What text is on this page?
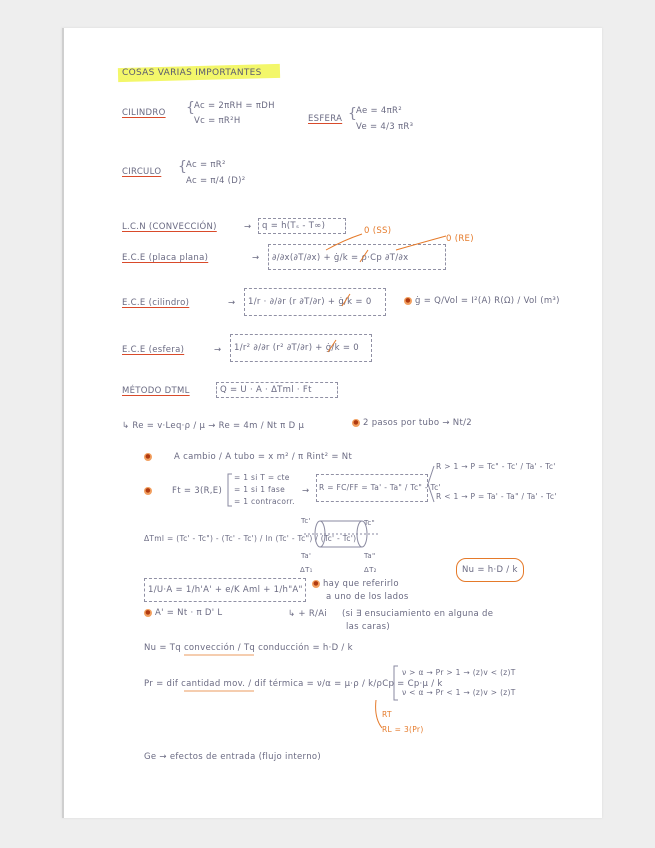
COSAS VARIAS IMPORTANTES
CILINDRO {
Ac = 2πRH = πDH
Vc = πR²H	ESFERA {
Ae = 4πR²
Ve = 4/3 πR³
CIRCULO {
Ac = πR²
Ac = π/4 (D)²
L.C.N (CONVECCIÓN)	→ q = h(Tₛ - T∞)	0 (SS)
0 (RE)
E.C.E (placa plana)	→ ∂/∂x(∂T/∂x) + ġ/k = ρ·Cp ∂T/∂x
E.C.E (cilindro)	→ 1/r · ∂/∂r (r ∂T/∂r) + ġ/k = 0	● ġ = Q/Vol = I²(A) R(Ω) / Vol (m³)
E.C.E (esfera)	→ 1/r² ∂/∂r (r² ∂T/∂r) + ġ/k = 0
MÉTODO DTML	Q = U · A · ΔTml · Ft
↳ Re = v·Leq·ρ / μ → Re = 4m / Nt π D μ	● 2 pasos por tubo → Nt/2
●	A cambio / A tubo = x m² / π Rint² = Nt
●	Ft = 3(R,E)
= 1 si T = cte
= 1 si 1 fase
= 1 contracorr.
→ R = FC/FF = Ta' - Ta" / Tc" - Tc'
R > 1 → P = Tc" - Tc' / Ta' - Tc'
R < 1 → P = Ta' - Ta" / Ta' - Tc'
ΔTml = (Tc' - Tc") - (Tc' - Tc') / ln (Tc' - Tc") / (Tc' - Tc')
Tc'	Tc"
Ta'	Ta"
ΔT₁	ΔT₂	Nu = h·D / k
1/U·A = 1/h'A' + e/K Aml + 1/h"A"
● hay que referirlo
a uno de los lados
● A' = Nt · π D' L	↳ + R/Ai (si ∃ ensuciamiento en alguna de
las caras)
Nu = Tq convección / Tq conducción = h·D / k
Pr = dif cantidad mov. / dif térmica = ν/α = μ·ρ / k/ρCp = Cp·μ / k
ν > α → Pr > 1 → (z)v < (z)T
ν < α → Pr < 1 → (z)v > (z)T
RT
RL = 3(Pr)
Ge → efectos de entrada (flujo interno)
